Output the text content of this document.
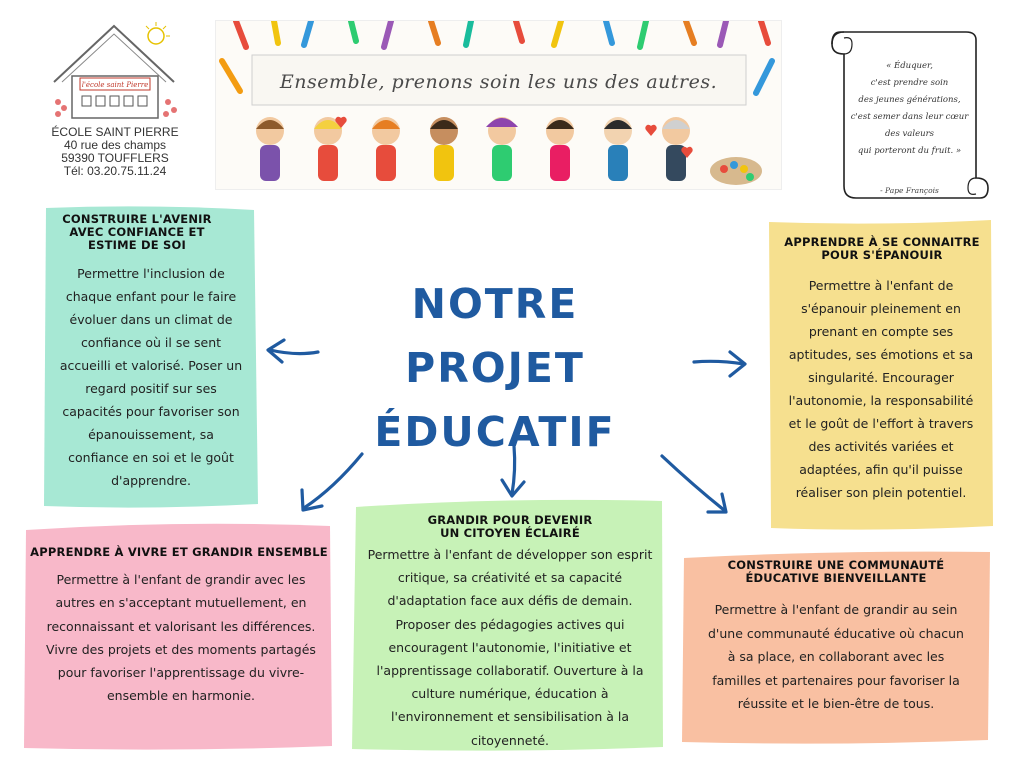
l'école saint Pierre
ÉCOLE SAINT PIERRE
40 rue des champs
59390 TOUFFLERS
Tél: 03.20.75.11.24
Ensemble, prenons soin les uns des autres.
« Éduquer,
c'est prendre soin
des jeunes générations,
c'est semer dans leur cœur
des valeurs
qui porteront du fruit. »
- Pape François
NOTRE PROJET
ÉDUCATIF
CONSTRUIRE L'AVENIR AVEC CONFIANCE ET ESTIME DE SOI
Permettre l'inclusion de chaque enfant pour le faire évoluer dans un climat de confiance où il se sent accueilli et valorisé. Poser un regard positif sur ses capacités pour favoriser son épanouissement, sa confiance en soi et le goût d'apprendre.
APPRENDRE À SE CONNAITRE POUR S'ÉPANOUIR
Permettre à l'enfant de s'épanouir pleinement en prenant en compte ses aptitudes, ses émotions et sa singularité. Encourager l'autonomie, la responsabilité et le goût de l'effort à travers des activités variées et adaptées, afin qu'il puisse réaliser son plein potentiel.
APPRENDRE À VIVRE ET GRANDIR ENSEMBLE
Permettre à l'enfant de grandir avec les autres en s'acceptant mutuellement, en reconnaissant et valorisant les différences. Vivre des projets et des moments partagés pour favoriser l'apprentissage du vivre-ensemble en harmonie.
GRANDIR POUR DEVENIR UN CITOYEN ÉCLAIRÉ
Permettre à l'enfant de développer son esprit critique, sa créativité et sa capacité d'adaptation face aux défis de demain. Proposer des pédagogies actives qui encouragent l'autonomie, l'initiative et l'apprentissage collaboratif. Ouverture à la culture numérique, éducation à l'environnement et sensibilisation à la citoyenneté.
CONSTRUIRE UNE COMMUNAUTÉ ÉDUCATIVE BIENVEILLANTE
Permettre à l'enfant de grandir au sein d'une communauté éducative où chacun à sa place, en collaborant avec les familles et partenaires pour favoriser la réussite et le bien-être de tous.
